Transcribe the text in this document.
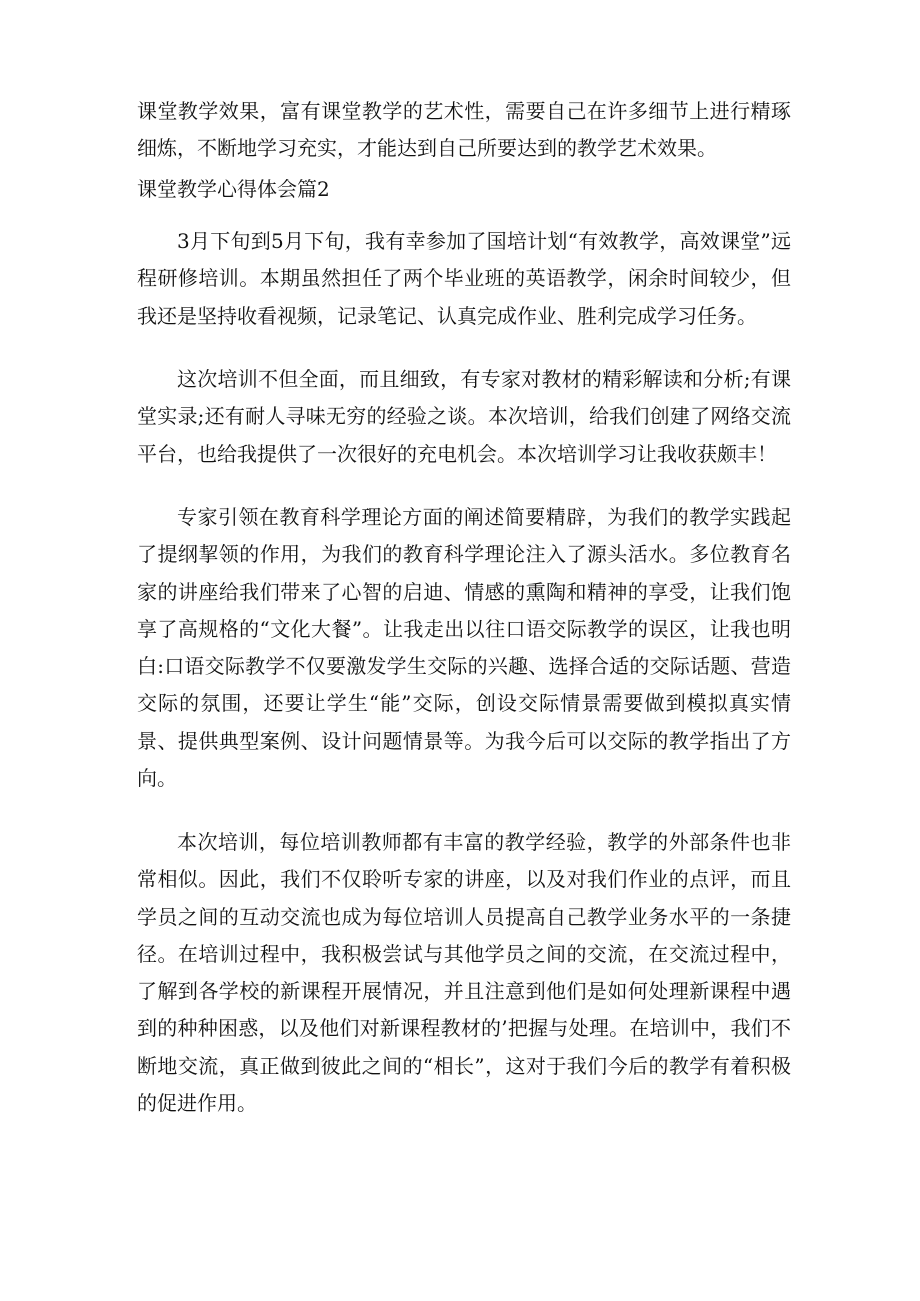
课堂教学效果，富有课堂教学的艺术性，需要自己在许多细节上进行精琢细炼，不断地学习充实，才能达到自己所要达到的教学艺术效果。

课堂教学心得体会篇2

3月下旬到5月下旬，我有幸参加了国培计划“有效教学，高效课堂”远程研修培训。本期虽然担任了两个毕业班的英语教学，闲余时间较少，但我还是坚持收看视频，记录笔记、认真完成作业、胜利完成学习任务。

这次培训不但全面，而且细致，有专家对教材的精彩解读和分析;有课堂实录;还有耐人寻味无穷的经验之谈。本次培训，给我们创建了网络交流平台，也给我提供了一次很好的充电机会。本次培训学习让我收获颇丰！

专家引领在教育科学理论方面的阐述简要精辟，为我们的教学实践起了提纲挈领的作用，为我们的教育科学理论注入了源头活水。多位教育名家的讲座给我们带来了心智的启迪、情感的熏陶和精神的享受，让我们饱享了高规格的“文化大餐”。让我走出以往口语交际教学的误区，让我也明白:口语交际教学不仅要激发学生交际的兴趣、选择合适的交际话题、营造交际的氛围，还要让学生“能”交际，创设交际情景需要做到模拟真实情景、提供典型案例、设计问题情景等。为我今后可以交际的教学指出了方向。

本次培训，每位培训教师都有丰富的教学经验，教学的外部条件也非常相似。因此，我们不仅聆听专家的讲座，以及对我们作业的点评，而且学员之间的互动交流也成为每位培训人员提高自己教学业务水平的一条捷径。在培训过程中，我积极尝试与其他学员之间的交流，在交流过程中，了解到各学校的新课程开展情况，并且注意到他们是如何处理新课程中遇到的种种困惑，以及他们对新课程教材的’把握与处理。在培训中，我们不断地交流，真正做到彼此之间的“相长”，这对于我们今后的教学有着积极的促进作用。
